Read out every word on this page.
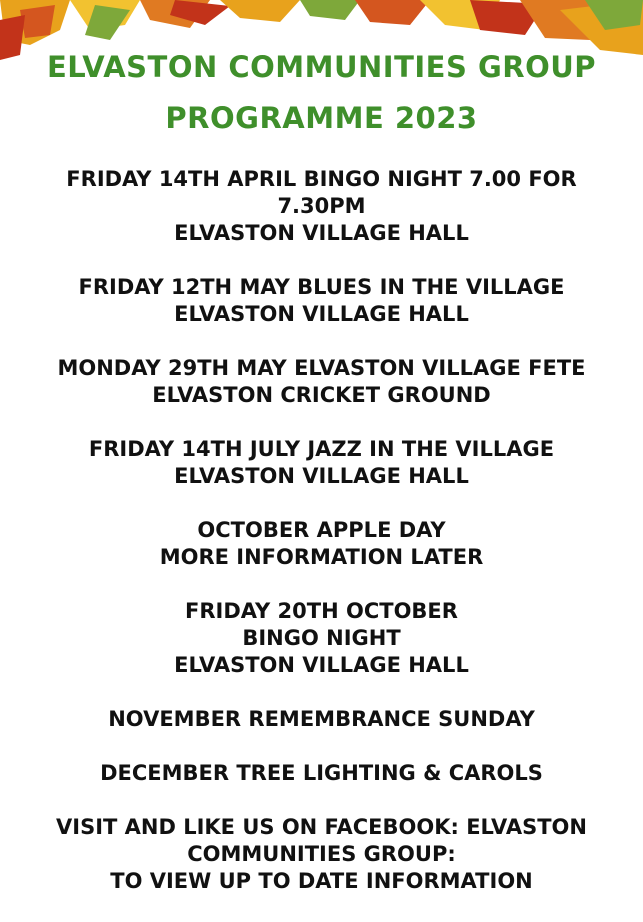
ELVASTON COMMUNITIES GROUP
PROGRAMME 2023
FRIDAY 14TH APRIL BINGO NIGHT 7.00 FOR
7.30PM
ELVASTON VILLAGE HALL
FRIDAY 12TH MAY BLUES IN THE VILLAGE
ELVASTON VILLAGE HALL
MONDAY 29TH MAY ELVASTON VILLAGE FETE
ELVASTON CRICKET GROUND
FRIDAY 14TH JULY JAZZ IN THE VILLAGE
ELVASTON VILLAGE HALL
OCTOBER APPLE DAY
MORE INFORMATION LATER
FRIDAY 20TH OCTOBER
BINGO NIGHT
ELVASTON VILLAGE HALL
NOVEMBER REMEMBRANCE SUNDAY
DECEMBER TREE LIGHTING & CAROLS
VISIT AND LIKE US ON FACEBOOK: ELVASTON
COMMUNITIES GROUP:
TO VIEW UP TO DATE INFORMATION
